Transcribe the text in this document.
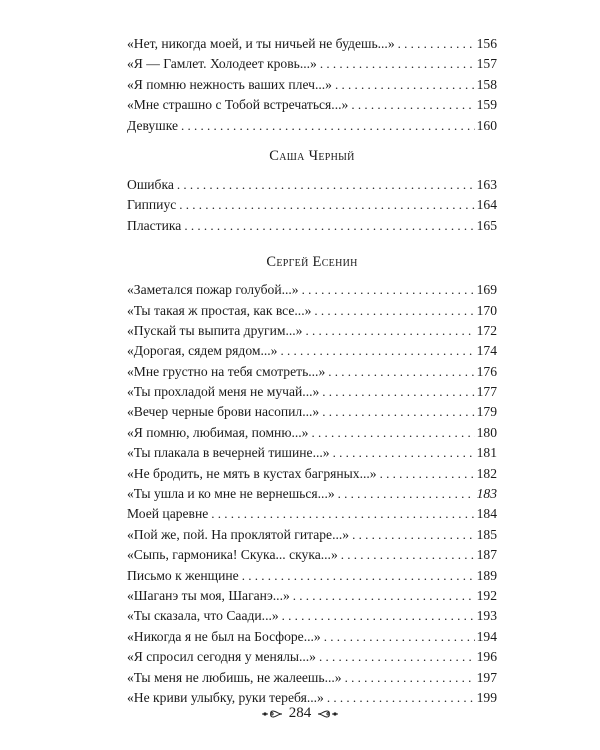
«Нет, никогда моей, и ты ничьей не будешь...» . . .	156
«Я — Гамлет. Холодеет кровь...» . . .	157
«Я помню нежность ваших плеч...» . . .	158
«Мне страшно с Тобой встречаться...» . . .	159
Девушке . . .	160
Саша Черный
Ошибка . . .	163
Гиппиус . . .	164
Пластика . . .	165
Сергей Есенин
«Заметался пожар голубой...» . . .	169
«Ты такая ж простая, как все...» . . .	170
«Пускай ты выпита другим...» . . .	172
«Дорогая, сядем рядом...» . . .	174
«Мне грустно на тебя смотреть...» . . .	176
«Ты прохладой меня не мучай...» . . .	177
«Вечер черные брови насопил...» . . .	179
«Я помню, любимая, помню...» . . .	180
«Ты плакала в вечерней тишине...» . . .	181
«Не бродить, не мять в кустах багряных...» . . .	182
«Ты ушла и ко мне не вернешься...» . . .	183
Моей царевне . . .	184
«Пой же, пой. На проклятой гитаре...» . . .	185
«Сыпь, гармоника! Скука... скука...» . . .	187
Письмо к женщине . . .	189
«Шаганэ ты моя, Шаганэ...» . . .	192
«Ты сказала, что Саади...» . . .	193
«Никогда я не был на Босфоре...» . . .	194
«Я спросил сегодня у менялы...» . . .	196
«Ты меня не любишь, не жалеешь...» . . .	197
«Не криви улыбку, руки теребя...» . . .	199
284
